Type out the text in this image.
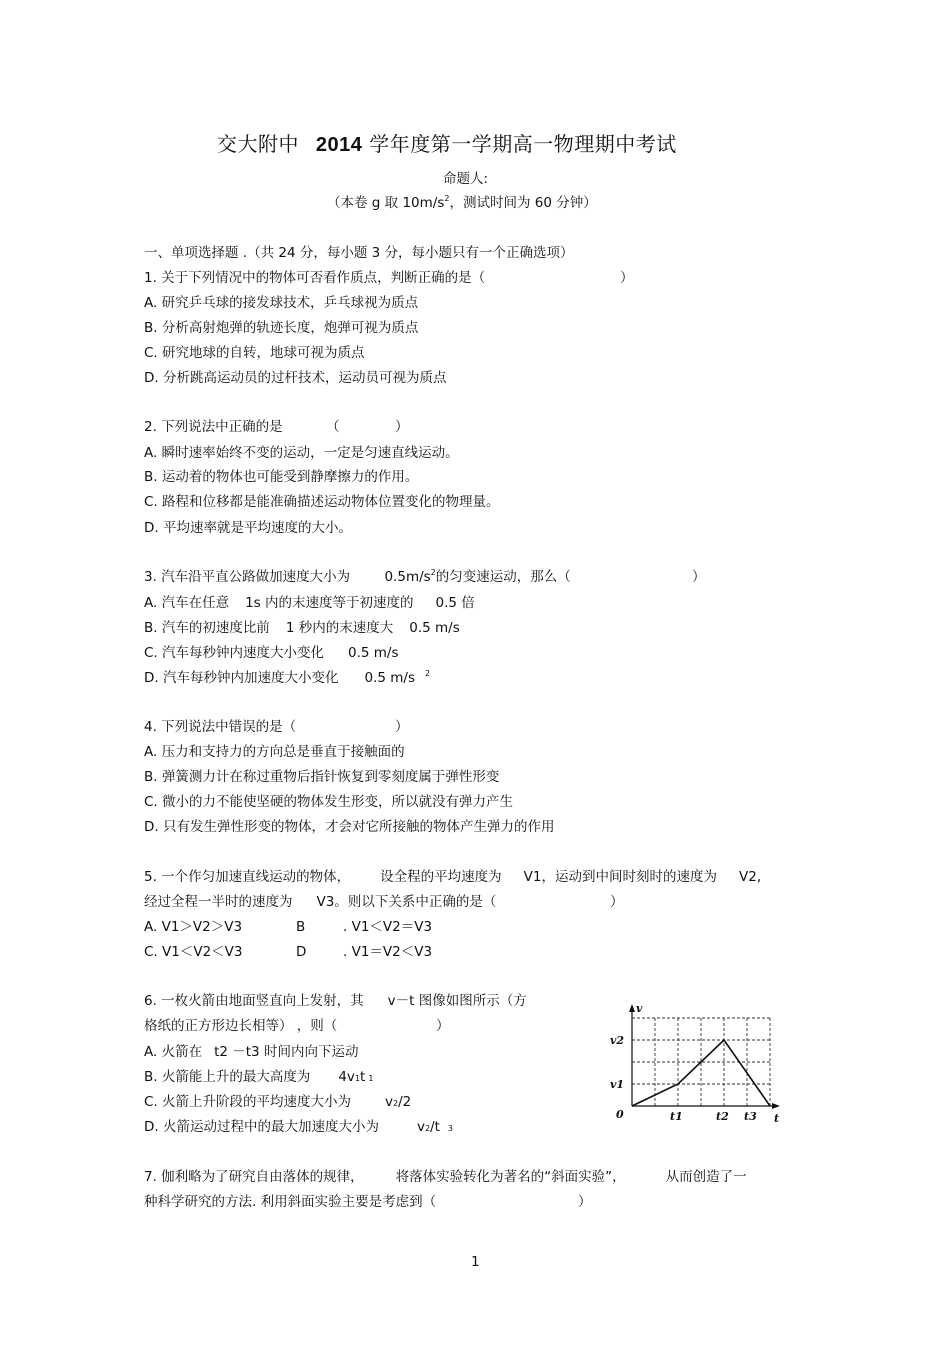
交大附中 2014 学年度第一学期高一物理期中考试
命题人:
（本卷 g 取 $10m/s^2$，测试时间为 60 分钟）
一、单项选择题 .（共 24 分，每小题 3 分，每小题只有一个正确选项）
1. 关于下列情况中的物体可否看作质点，判断正确的是（	）
A. 研究乒乓球的接发球技术，乒乓球视为质点
B. 分析高射炮弹的轨迹长度，炮弹可视为质点
C. 研究地球的自转，地球可视为质点
D. 分析跳高运动员的过杆技术，运动员可视为质点
2. 下列说法中正确的是	（	）
A. 瞬时速率始终不变的运动，一定是匀速直线运动。
B. 运动着的物体也可能受到静摩擦力的作用。
C. 路程和位移都是能准确描述运动物体位置变化的物理量。
D. 平均速率就是平均速度的大小。
3. 汽车沿平直公路做加速度大小为	$0.5m/s^2$的匀变速运动，那么（	）
A. 汽车在任意 1s 内的末速度等于初速度的 0.5 倍
B. 汽车的初速度比前 1 秒内的末速度大 0.5 m/s
C. 汽车每秒钟内速度大小变化 0.5 m/s
D. 汽车每秒钟内加速度大小变化 0.5 m/s $^2$
4. 下列说法中错误的是（	）
A. 压力和支持力的方向总是垂直于接触面的
B. 弹簧测力计在称过重物后指针恢复到零刻度属于弹性形变
C. 微小的力不能使坚硬的物体发生形变，所以就没有弹力产生
D. 只有发生弹性形变的物体，才会对它所接触的物体产生弹力的作用
5. 一个作匀加速直线运动的物体， 设全程的平均速度为 V1，运动到中间时刻时的速度为 V2,
经过全程一半时的速度为 V3。则以下关系中正确的是（	）
A. V1＞V2＞V3	B	. V1＜V2＝V3
C. V1＜V2＜V3	D	. V1＝V2＜V3
6. 一枚火箭由地面竖直向上发射，其 v－t 图像如图所示（方
格纸的正方形边长相等） ，则（	）
A. 火箭在 t2 －t3 时间内向下运动
B. 火箭能上升的最大高度为 4v1t 1
C. 火箭上升阶段的平均速度大小为	v2/2
D. 火箭运动过程中的最大加速度大小为	v2/t 3
v
t
0
v2
v1
t1	t2 t3
7. 伽利略为了研究自由落体的规律， 将落体实验转化为著名的“斜面实验”，	从而创造了一
种科学研究的方法. 利用斜面实验主要是考虑到（	）
1
